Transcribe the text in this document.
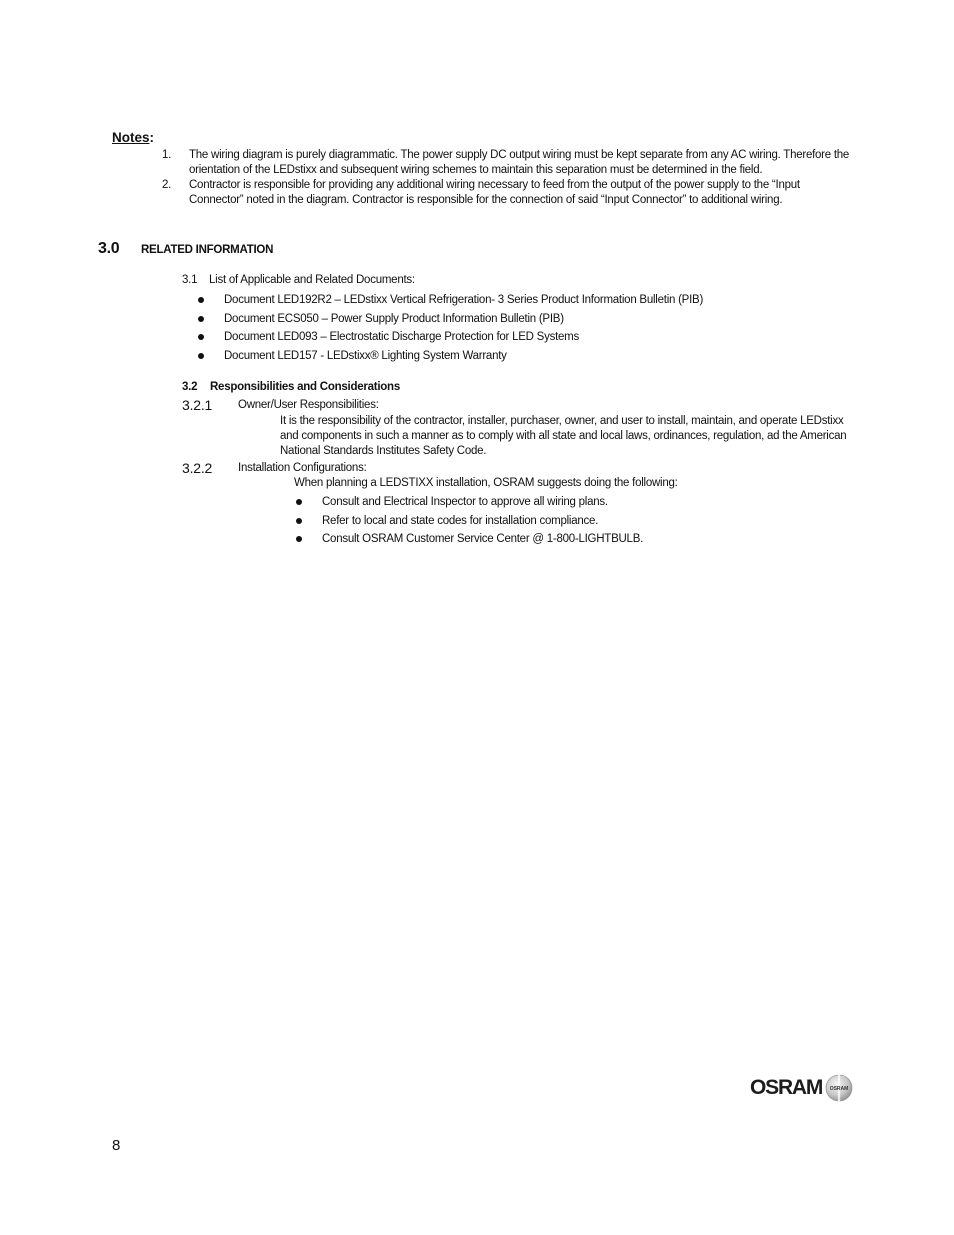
Notes:
1. The wiring diagram is purely diagrammatic. The power supply DC output wiring must be kept separate from any AC wiring. Therefore the orientation of the LEDstixx and subsequent wiring schemes to maintain this separation must be determined in the field.
2. Contractor is responsible for providing any additional wiring necessary to feed from the output of the power supply to the “Input Connector” noted in the diagram. Contractor is responsible for the connection of said “Input Connector” to additional wiring.
3.0 RELATED INFORMATION
3.1 List of Applicable and Related Documents:
Document LED192R2 – LEDstixx Vertical Refrigeration- 3 Series Product Information Bulletin (PIB)
Document ECS050 – Power Supply Product Information Bulletin (PIB)
Document LED093 – Electrostatic Discharge Protection for LED Systems
Document LED157 - LEDstixx® Lighting System Warranty
3.2 Responsibilities and Considerations
3.2.1 Owner/User Responsibilities:
It is the responsibility of the contractor, installer, purchaser, owner, and user to install, maintain, and operate LEDstixx and components in such a manner as to comply with all state and local laws, ordinances, regulation, ad the American National Standards Institutes Safety Code.
3.2.2 Installation Configurations:
When planning a LEDSTIXX installation, OSRAM suggests doing the following:
Consult and Electrical Inspector to approve all wiring plans.
Refer to local and state codes for installation compliance.
Consult OSRAM Customer Service Center @ 1-800-LIGHTBULB.
OSRAM OSRAM
8
